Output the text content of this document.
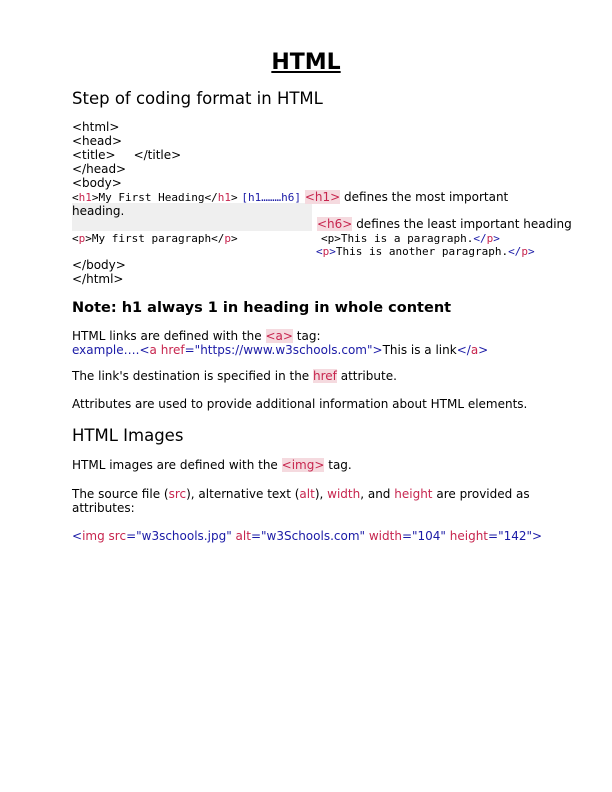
HTML
Step of coding format in HTML
<html>
<head>
<title> </title>
</head>
<body>
<h1>My First Heading</h1> [h1………h6] <h1> defines the most important
heading.
<h6> defines the least important heading
<p>My first paragraph</p>	<p>This is a paragraph.</p>
<p>This is another paragraph.</p>
</body>
</html>
Note: h1 always 1 in heading in whole content
HTML links are defined with the <a> tag:
example….<a href="https://www.w3schools.com">This is a link</a>
The link's destination is specified in the href attribute.
Attributes are used to provide additional information about HTML elements.
HTML Images
HTML images are defined with the <img> tag.
The source file (src), alternative text (alt), width, and height are provided as
attributes:
<img src="w3schools.jpg" alt="w3Schools.com" width="104" height="142">
